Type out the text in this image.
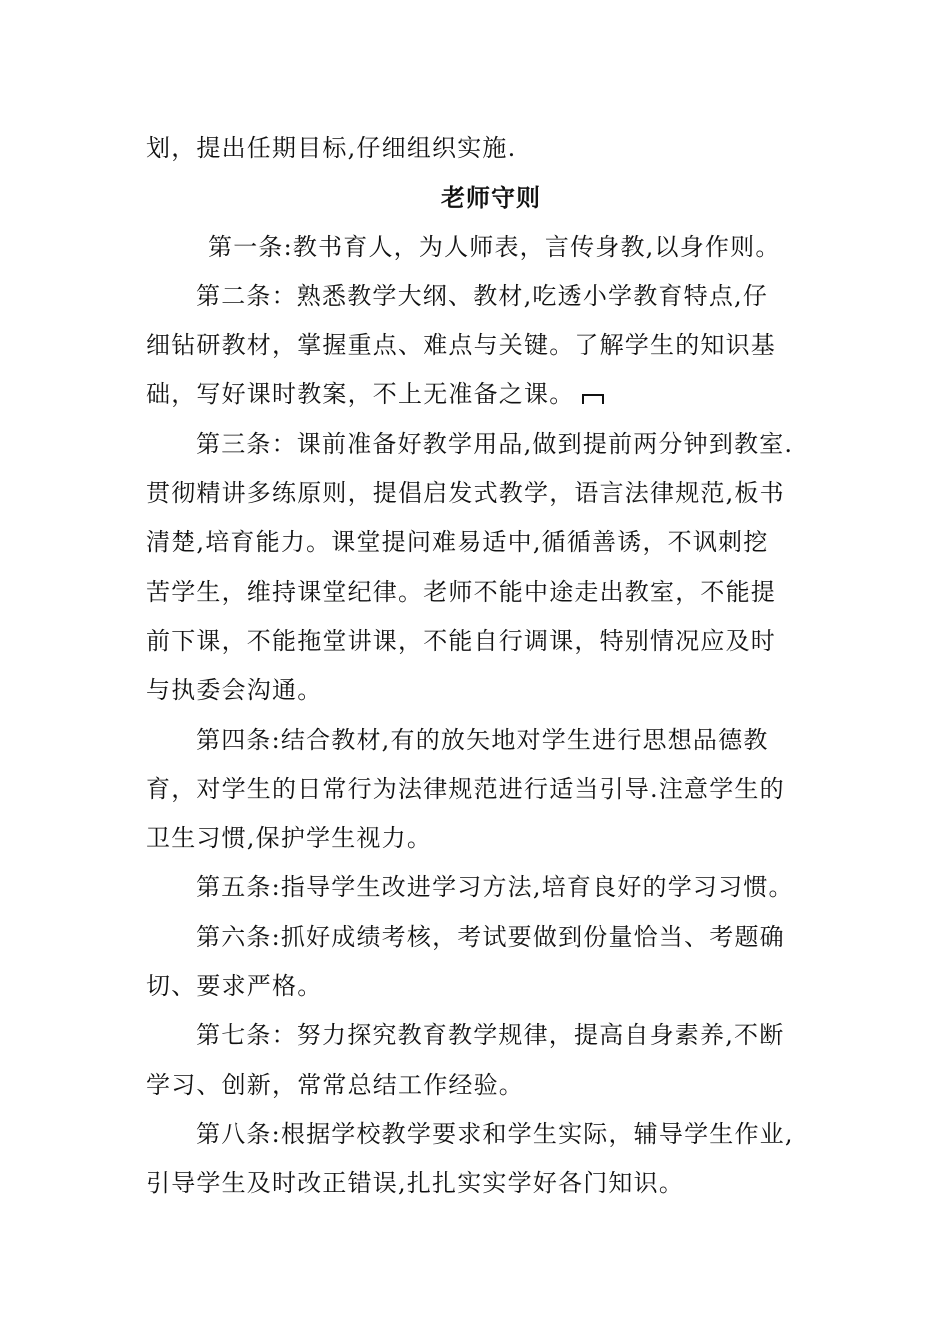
划，提出任期目标,仔细组织实施.
老师守则
第一条:教书育人，为人师表，言传身教,以身作则。
第二条：熟悉教学大纲、教材,吃透小学教育特点,仔
细钻研教材，掌握重点、难点与关键。了解学生的知识基
础，写好课时教案，不上无准备之课。
第三条：课前准备好教学用品,做到提前两分钟到教室.
贯彻精讲多练原则，提倡启发式教学，语言法律规范,板书
清楚,培育能力。课堂提问难易适中,循循善诱，不讽刺挖
苦学生，维持课堂纪律。老师不能中途走出教室，不能提
前下课，不能拖堂讲课，不能自行调课，特别情况应及时
与执委会沟通。
第四条:结合教材,有的放矢地对学生进行思想品德教
育，对学生的日常行为法律规范进行适当引导.注意学生的
卫生习惯,保护学生视力。
第五条:指导学生改进学习方法,培育良好的学习习惯。
第六条:抓好成绩考核，考试要做到份量恰当、考题确
切、要求严格。
第七条：努力探究教育教学规律，提高自身素养,不断
学习、创新，常常总结工作经验。
第八条:根据学校教学要求和学生实际，辅导学生作业,
引导学生及时改正错误,扎扎实实学好各门知识。
